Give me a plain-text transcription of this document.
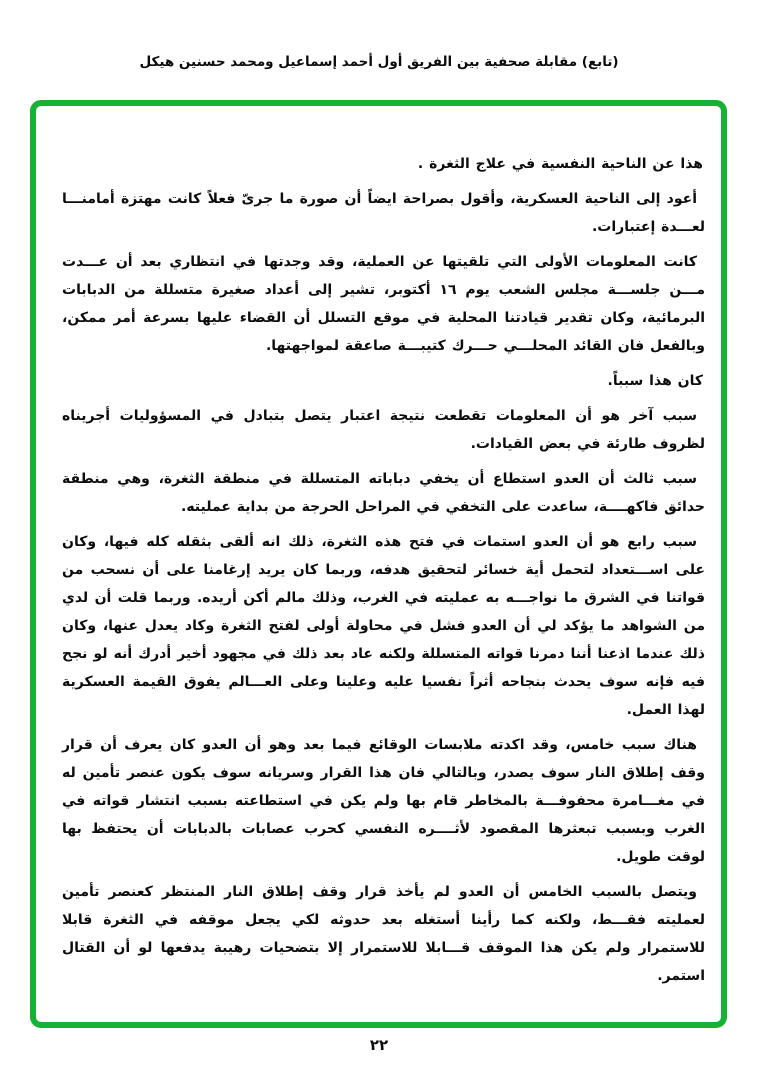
(تابع) مقابلة صحفية بين الفريق أول أحمد إسماعيل ومحمد حسنين هيكل

هذا عن الناحية النفسية في علاج الثغرة .

أعود إلى الناحية العسكرية، وأقول بصراحة ايضاً أن صورة ما جرىّ فعلاً كانت مهتزة أمامنـــا لعـــدة إعتبارات.

كانت المعلومات الأولى التي تلقيتها عن العملية، وقد وجدتها في انتظاري بعد أن عـــدت مـــن جلســـة مجلس الشعب يوم ١٦ أكتوبر، تشير إلى أعداد صغيرة متسللة من الدبابات البرمائية، وكان تقدير قيادتنا المحلية في موقع التسلل أن القضاء عليها بسرعة أمر ممكن، وبالفعل فان القائد المحلـــي حـــرك كتيبـــة صاعقة لمواجهتها.

كان هذا سبباً.

سبب آخر هو أن المعلومات تقطعت نتيجة اعتبار يتصل بتبادل في المسؤوليات أجريناه لظروف طارئة في بعض القيادات.

سبب ثالث أن العدو استطاع أن يخفي دباباته المتسللة في منطقة الثغرة، وهي منطقة حدائق فاكهــــة، ساعدت على التخفي في المراحل الحرجة من بداية عمليته.

سبب رابع هو أن العدو استمات في فتح هذه الثغرة، ذلك انه ألقى بثقله كله فيها، وكان على اســـتعداد لتحمل أية خسائر لتحقيق هدفه، وربما كان يريد إرغامنا على أن نسحب من قواتنا في الشرق ما نواجـــه به عمليته في الغرب، وذلك مالم أكن أريده. وربما قلت أن لدي من الشواهد ما يؤكد لي أن العدو فشل في محاولة أولى لفتح الثغرة وكاد يعدل عنها، وكان ذلك عندما اذعنا أننا دمرنا قواته المتسللة ولكنه عاد بعد ذلك في مجهود أخير أدرك أنه لو نجح فيه فإنه سوف يحدث بنجاحه أثراً نفسيا عليه وعلينا وعلى العـــالم يفوق القيمة العسكرية لهذا العمل.

هناك سبب خامس، وقد اكدته ملابسات الوقائع فيما بعد وهو أن العدو كان يعرف أن قرار وقف إطلاق النار سوف يصدر، وبالتالي فان هذا القرار وسريانه سوف يكون عنصر تأمين له في مغـــامرة محفوفـــة بالمخاطر قام بها ولم يكن في استطاعته بسبب انتشار قواته في الغرب وبسبب تبعثرها المقصود لأثــــره النفسي كحرب عصابات بالدبابات أن يحتفظ بها لوقت طويل.

ويتصل بالسبب الخامس أن العدو لم يأخذ قرار وقف إطلاق النار المنتظر كعنصر تأمين لعمليته فقـــط، ولكنه كما رأينا أستغله بعد حدوثه لكي يجعل موقفه في الثغرة قابلا للاستمرار ولم يكن هذا الموقف قـــابلا للاستمرار إلا بتضحيات رهيبة يدفعها لو أن القتال استمر.

٢٢
